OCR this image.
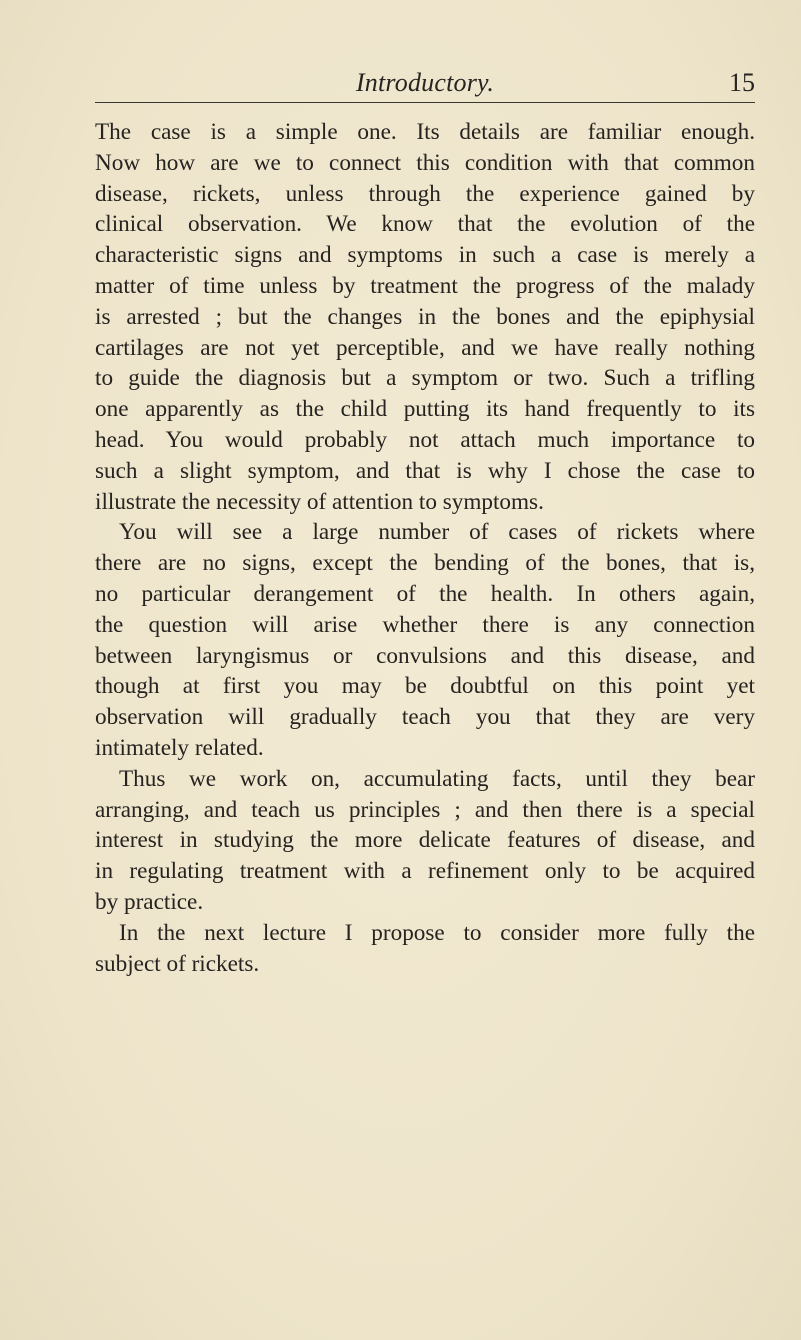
Introductory.	15
The case is a simple one. Its details are familiar enough.
Now how are we to connect this condition with that common
disease, rickets, unless through the experience gained by
clinical observation. We know that the evolution of the
characteristic signs and symptoms in such a case is merely a
matter of time unless by treatment the progress of the malady
is arrested ; but the changes in the bones and the epiphysial
cartilages are not yet perceptible, and we have really nothing
to guide the diagnosis but a symptom or two. Such a trifling
one apparently as the child putting its hand frequently to its
head. You would probably not attach much importance to
such a slight symptom, and that is why I chose the case to
illustrate the necessity of attention to symptoms.
You will see a large number of cases of rickets where
there are no signs, except the bending of the bones, that is,
no particular derangement of the health. In others again,
the question will arise whether there is any connection
between laryngismus or convulsions and this disease, and
though at first you may be doubtful on this point yet
observation will gradually teach you that they are very
intimately related.
Thus we work on, accumulating facts, until they bear
arranging, and teach us principles ; and then there is a special
interest in studying the more delicate features of disease, and
in regulating treatment with a refinement only to be acquired
by practice.
In the next lecture I propose to consider more fully the
subject of rickets.
